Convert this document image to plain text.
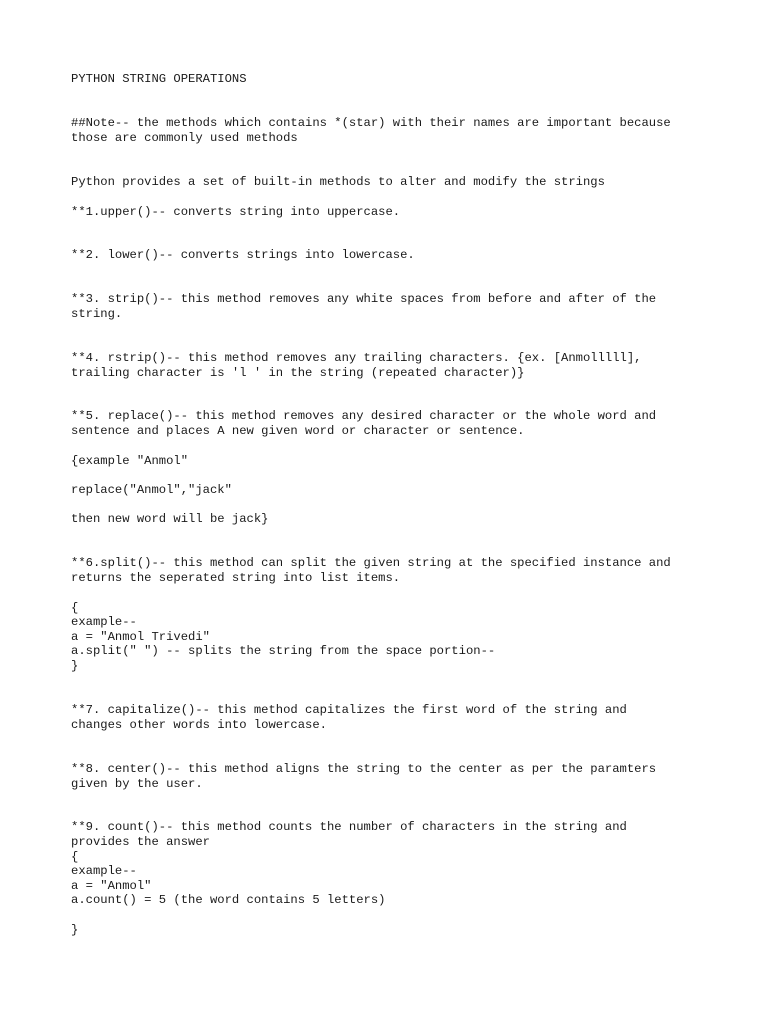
PYTHON STRING OPERATIONS

##Note-- the methods which contains *(star) with their names are important because

those are commonly used methods

Python provides a set of built-in methods to alter and modify the strings

**1.upper()-- converts string into uppercase.

**2. lower()-- converts strings into lowercase.

**3. strip()-- this method removes any white spaces from before and after of the

string.

**4. rstrip()-- this method removes any trailing characters. {ex. [Anmolllll],

trailing character is 'l ' in the string (repeated character)}

**5. replace()-- this method removes any desired character or the whole word and

sentence and places A new given word or character or sentence.

{example "Anmol"

replace("Anmol","jack"

then new word will be jack}

**6.split()-- this method can split the given string at the specified instance and

returns the seperated string into list items.

{

example--

a = "Anmol Trivedi"

a.split(" ") -- splits the string from the space portion--

}

**7. capitalize()-- this method capitalizes the first word of the string and

changes other words into lowercase.

**8. center()-- this method aligns the string to the center as per the paramters

given by the user.

**9. count()-- this method counts the number of characters in the string and

provides the answer

{

example--

a = "Anmol"

a.count() = 5 (the word contains 5 letters)

}
